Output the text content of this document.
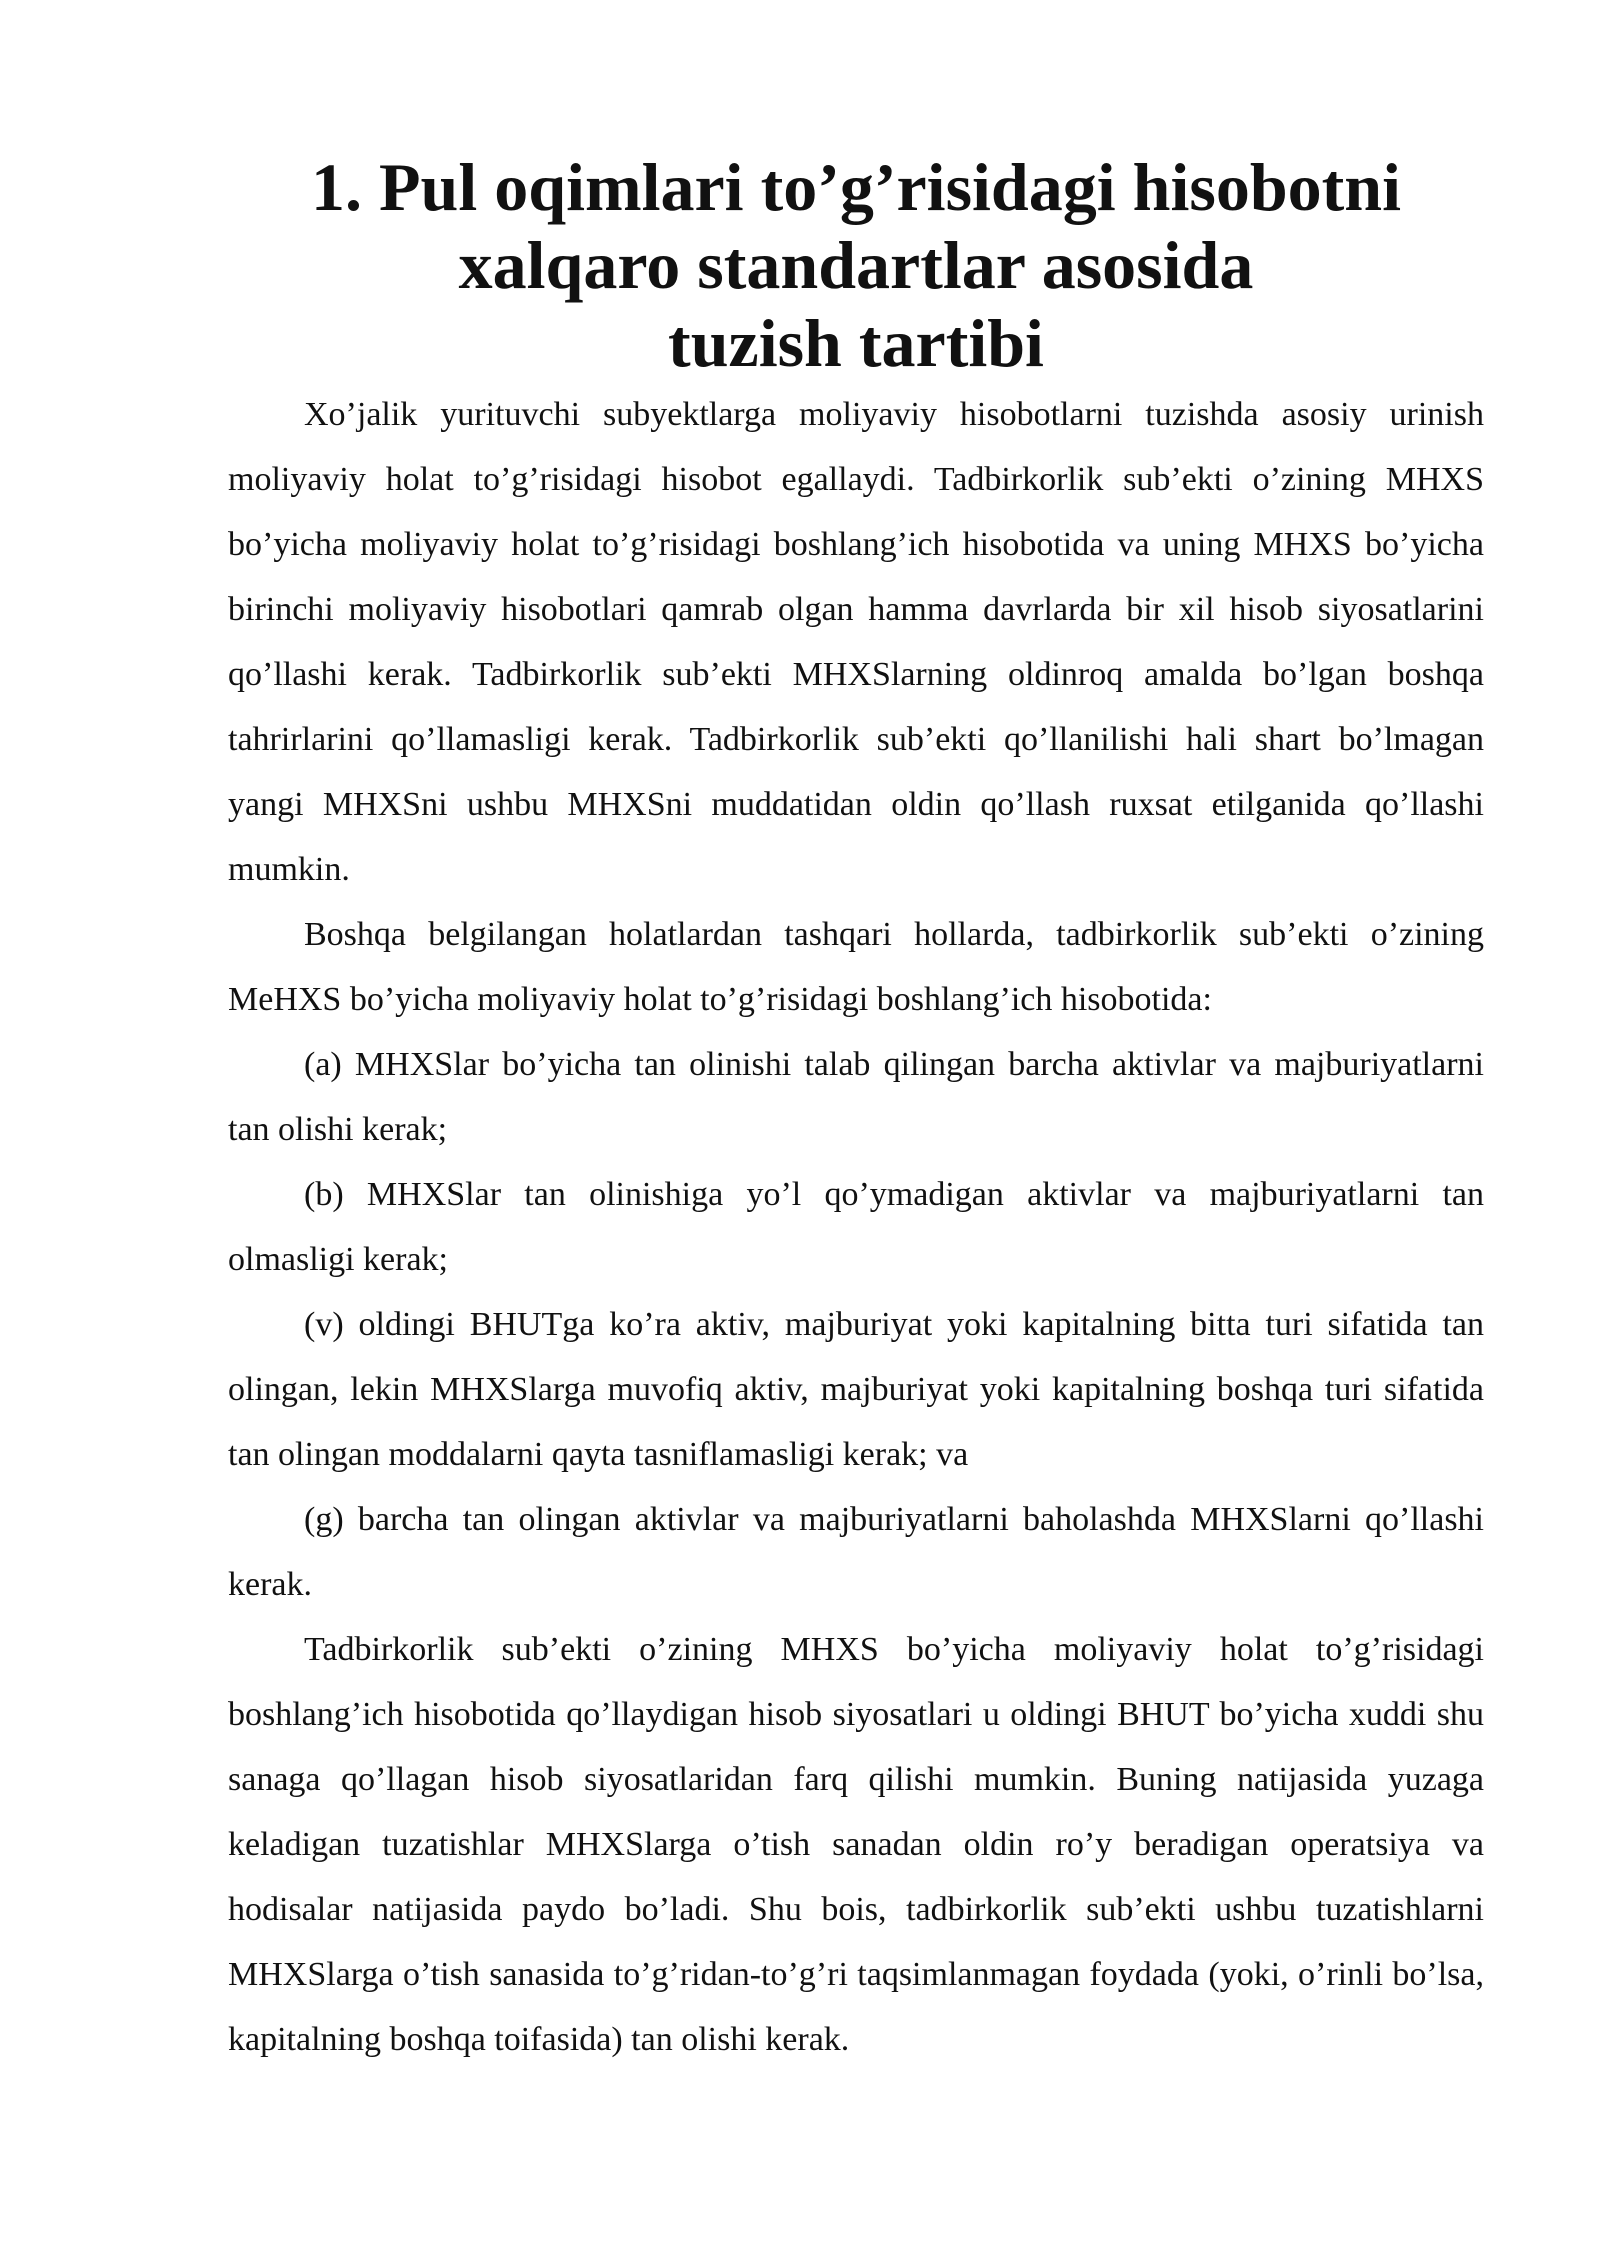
1. Pul oqimlari to’g’risidagi hisobotni xalqaro standartlar asosida
tuzish tartibi

Xo’jalik yurituvchi subyektlarga moliyaviy hisobotlarni tuzishda asosiy urinish moliyaviy holat to’g’risidagi hisobot egallaydi. Tadbirkorlik sub’ekti o’zining MHXS bo’yicha moliyaviy holat to’g’risidagi boshlang’ich hisobotida va uning MHXS bo’yicha birinchi moliyaviy hisobotlari qamrab olgan hamma davrlarda bir xil hisob siyosatlarini qo’llashi kerak. Tadbirkorlik sub’ekti MHXSlarning oldinroq amalda bo’lgan boshqa tahrirlarini qo’llamasligi kerak. Tadbirkorlik sub’ekti qo’llanilishi hali shart bo’lmagan yangi MHXSni ushbu MHXSni muddatidan oldin qo’llash ruxsat etilganida qo’llashi mumkin.

Boshqa belgilangan holatlardan tashqari hollarda, tadbirkorlik sub’ekti o’zining MeHXS bo’yicha moliyaviy holat to’g’risidagi boshlang’ich hisobotida:

(a) MHXSlar bo’yicha tan olinishi talab qilingan barcha aktivlar va majburiyatlarni tan olishi kerak;

(b) MHXSlar tan olinishiga yo’l qo’ymadigan aktivlar va majburiyatlarni tan olmasligi kerak;

(v) oldingi BHUTga ko’ra aktiv, majburiyat yoki kapitalning bitta turi sifatida tan olingan, lekin MHXSlarga muvofiq aktiv, majburiyat yoki kapitalning boshqa turi sifatida tan olingan moddalarni qayta tasniflamasligi kerak; va

(g) barcha tan olingan aktivlar va majburiyatlarni baholashda MHXSlarni qo’llashi kerak.

Tadbirkorlik sub’ekti o’zining MHXS bo’yicha moliyaviy holat to’g’risidagi boshlang’ich hisobotida qo’llaydigan hisob siyosatlari u oldingi BHUT bo’yicha xuddi shu sanaga qo’llagan hisob siyosatlaridan farq qilishi mumkin. Buning natijasida yuzaga keladigan tuzatishlar MHXSlarga o’tish sanadan oldin ro’y beradigan operatsiya va hodisalar natijasida paydo bo’ladi. Shu bois, tadbirkorlik sub’ekti ushbu tuzatishlarni MHXSlarga o’tish sanasida to’g’ridan-to’g’ri taqsimlanmagan foydada (yoki, o’rinli bo’lsa, kapitalning boshqa toifasida) tan olishi kerak.
